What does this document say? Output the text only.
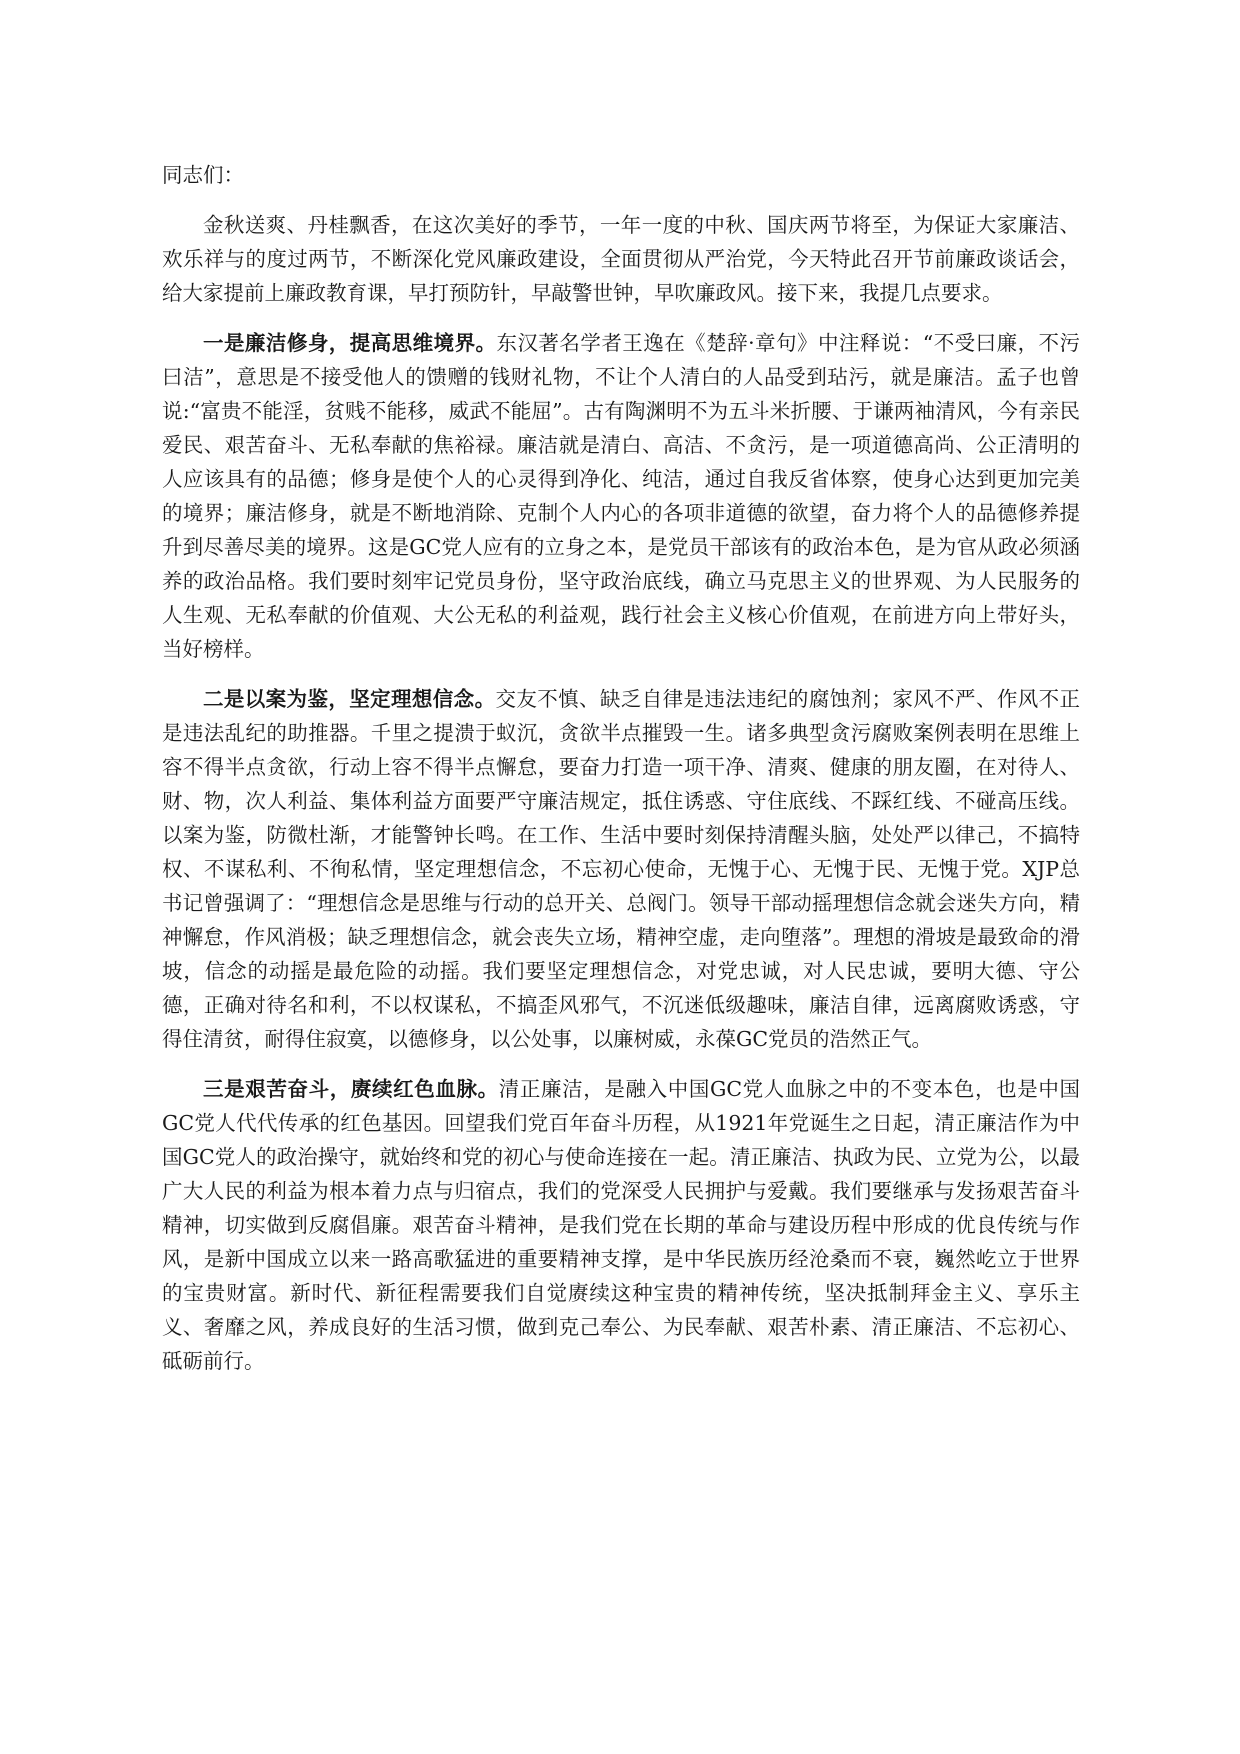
同志们：

金秋送爽、丹桂飘香，在这次美好的季节，一年一度的中秋、国庆两节将至，为保证大家廉洁、欢乐祥与的度过两节，不断深化党风廉政建设，全面贯彻从严治党，今天特此召开节前廉政谈话会，给大家提前上廉政教育课，早打预防针，早敲警世钟，早吹廉政风。接下来，我提几点要求。

一是廉洁修身，提高思维境界。东汉著名学者王逸在《楚辞·章句》中注释说：“不受曰廉，不污曰洁”，意思是不接受他人的馈赠的钱财礼物，不让个人清白的人品受到玷污，就是廉洁。孟子也曾说:“富贵不能淫，贫贱不能移，威武不能屈”。古有陶渊明不为五斗米折腰、于谦两袖清风，今有亲民爱民、艰苦奋斗、无私奉献的焦裕禄。廉洁就是清白、高洁、不贪污，是一项道德高尚、公正清明的人应该具有的品德；修身是使个人的心灵得到净化、纯洁，通过自我反省体察，使身心达到更加完美的境界；廉洁修身，就是不断地消除、克制个人内心的各项非道德的欲望，奋力将个人的品德修养提升到尽善尽美的境界。这是GC党人应有的立身之本，是党员干部该有的政治本色，是为官从政必须涵养的政治品格。我们要时刻牢记党员身份，坚守政治底线，确立马克思主义的世界观、为人民服务的人生观、无私奉献的价值观、大公无私的利益观，践行社会主义核心价值观，在前进方向上带好头，当好榜样。

二是以案为鉴，坚定理想信念。交友不慎、缺乏自律是违法违纪的腐蚀剂；家风不严、作风不正是违法乱纪的助推器。千里之提溃于蚁沉，贪欲半点摧毁一生。诸多典型贪污腐败案例表明在思维上容不得半点贪欲，行动上容不得半点懈怠，要奋力打造一项干净、清爽、健康的朋友圈，在对待人、财、物，次人利益、集体利益方面要严守廉洁规定，抵住诱惑、守住底线、不踩红线、不碰高压线。以案为鉴，防微杜渐，才能警钟长鸣。在工作、生活中要时刻保持清醒头脑，处处严以律己，不搞特权、不谋私利、不徇私情，坚定理想信念，不忘初心使命，无愧于心、无愧于民、无愧于党。XJP总书记曾强调了：“理想信念是思维与行动的总开关、总阀门。领导干部动摇理想信念就会迷失方向，精神懈怠，作风消极；缺乏理想信念，就会丧失立场，精神空虚，走向堕落”。理想的滑坡是最致命的滑坡，信念的动摇是最危险的动摇。我们要坚定理想信念，对党忠诚，对人民忠诚，要明大德、守公德，正确对待名和利，不以权谋私，不搞歪风邪气，不沉迷低级趣味，廉洁自律，远离腐败诱惑，守得住清贫，耐得住寂寞，以德修身，以公处事，以廉树威，永葆GC党员的浩然正气。

三是艰苦奋斗，赓续红色血脉。清正廉洁，是融入中国GC党人血脉之中的不变本色，也是中国GC党人代代传承的红色基因。回望我们党百年奋斗历程，从1921年党诞生之日起，清正廉洁作为中国GC党人的政治操守，就始终和党的初心与使命连接在一起。清正廉洁、执政为民、立党为公，以最广大人民的利益为根本着力点与归宿点，我们的党深受人民拥护与爱戴。我们要继承与发扬艰苦奋斗精神，切实做到反腐倡廉。艰苦奋斗精神，是我们党在长期的革命与建设历程中形成的优良传统与作风，是新中国成立以来一路高歌猛进的重要精神支撑，是中华民族历经沧桑而不衰，巍然屹立于世界的宝贵财富。新时代、新征程需要我们自觉赓续这种宝贵的精神传统，坚决抵制拜金主义、享乐主义、奢靡之风，养成良好的生活习惯，做到克己奉公、为民奉献、艰苦朴素、清正廉洁、不忘初心、砥砺前行。
